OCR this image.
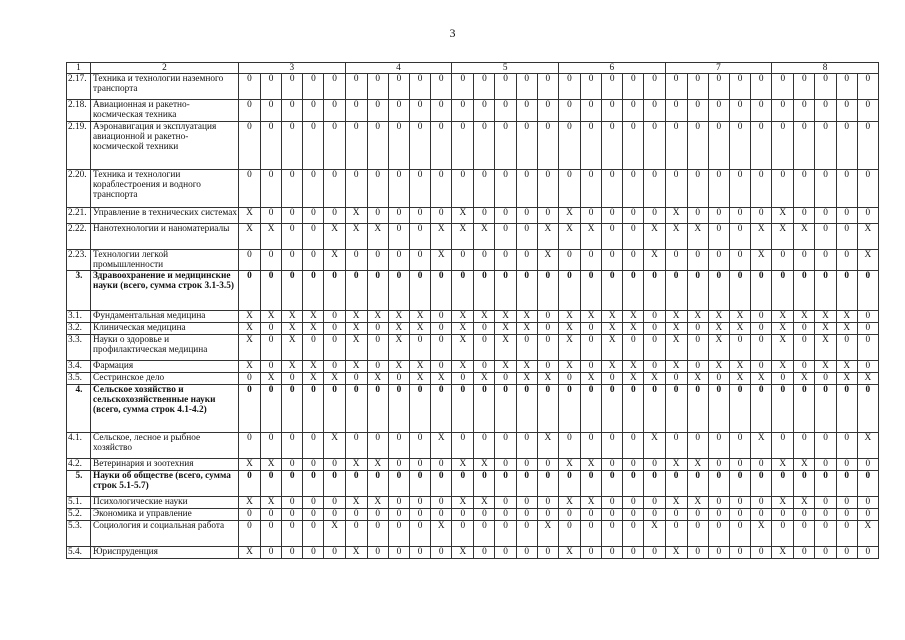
3
1	2	3					4					5					6					7					8				
2.17.	Техника и технологии наземного транспорта	0	0	0	0	0	0	0	0	0	0	0	0	0	0	0	0	0	0	0	0	0	0	0	0	0	0	0	0	0	0
2.18.	Авиационная и ракетно-космическая техника	0	0	0	0	0	0	0	0	0	0	0	0	0	0	0	0	0	0	0	0	0	0	0	0	0	0	0	0	0	0
2.19.	Аэронавигация и эксплуатация авиационной и ракетно-космической техники	0	0	0	0	0	0	0	0	0	0	0	0	0	0	0	0	0	0	0	0	0	0	0	0	0	0	0	0	0	0
2.20.	Техника и технологии кораблестроения и водного транспорта	0	0	0	0	0	0	0	0	0	0	0	0	0	0	0	0	0	0	0	0	0	0	0	0	0	0	0	0	0	0
2.21.	Управление в технических системах	X	0	0	0	0	X	0	0	0	0	X	0	0	0	0	X	0	0	0	0	X	0	0	0	0	X	0	0	0	0
2.22.	Нанотехнологии и наноматериалы	X	X	0	0	X	X	X	0	0	X	X	X	0	0	X	X	X	0	0	X	X	X	0	0	X	X	X	0	0	X
2.23.	Технологии легкой промышленности	0	0	0	0	X	0	0	0	0	X	0	0	0	0	X	0	0	0	0	X	0	0	0	0	X	0	0	0	0	X
3.	Здравоохранение и медицинские науки (всего, сумма строк 3.1-3.5)	0	0	0	0	0	0	0	0	0	0	0	0	0	0	0	0	0	0	0	0	0	0	0	0	0	0	0	0	0	0
3.1.	Фундаментальная медицина	X	X	X	X	0	X	X	X	X	0	X	X	X	X	0	X	X	X	X	0	X	X	X	X	0	X	X	X	X	0
3.2.	Клиническая медицина	X	0	X	X	0	X	0	X	X	0	X	0	X	X	0	X	0	X	X	0	X	0	X	X	0	X	0	X	X	0
3.3.	Науки о здоровье и профилактическая медицина	X	0	X	0	0	X	0	X	0	0	X	0	X	0	0	X	0	X	0	0	X	0	X	0	0	X	0	X	0	0
3.4.	Фармация	X	0	X	X	0	X	0	X	X	0	X	0	X	X	0	X	0	X	X	0	X	0	X	X	0	X	0	X	X	0
3.5.	Сестринское дело	0	X	0	X	X	0	X	0	X	X	0	X	0	X	X	0	X	0	X	X	0	X	0	X	X	0	X	0	X	X
4.	Сельское хозяйство и сельскохозяйственные науки (всего, сумма строк 4.1-4.2)	0	0	0	0	0	0	0	0	0	0	0	0	0	0	0	0	0	0	0	0	0	0	0	0	0	0	0	0	0	0
4.1.	Сельское, лесное и рыбное хозяйство	0	0	0	0	X	0	0	0	0	X	0	0	0	0	X	0	0	0	0	X	0	0	0	0	X	0	0	0	0	X
4.2.	Ветеринария и зоотехния	X	X	0	0	0	X	X	0	0	0	X	X	0	0	0	X	X	0	0	0	X	X	0	0	0	X	X	0	0	0
5.	Науки об обществе (всего, сумма строк 5.1-5.7)	0	0	0	0	0	0	0	0	0	0	0	0	0	0	0	0	0	0	0	0	0	0	0	0	0	0	0	0	0	0
5.1.	Психологические науки	X	X	0	0	0	X	X	0	0	0	X	X	0	0	0	X	X	0	0	0	X	X	0	0	0	X	X	0	0	0
5.2.	Экономика и управление	0	0	0	0	0	0	0	0	0	0	0	0	0	0	0	0	0	0	0	0	0	0	0	0	0	0	0	0	0	0
5.3.	Социология и социальная работа	0	0	0	0	X	0	0	0	0	X	0	0	0	0	X	0	0	0	0	X	0	0	0	0	X	0	0	0	0	X
5.4.	Юриспруденция	X	0	0	0	0	X	0	0	0	0	X	0	0	0	0	X	0	0	0	0	X	0	0	0	0	X	0	0	0	0
